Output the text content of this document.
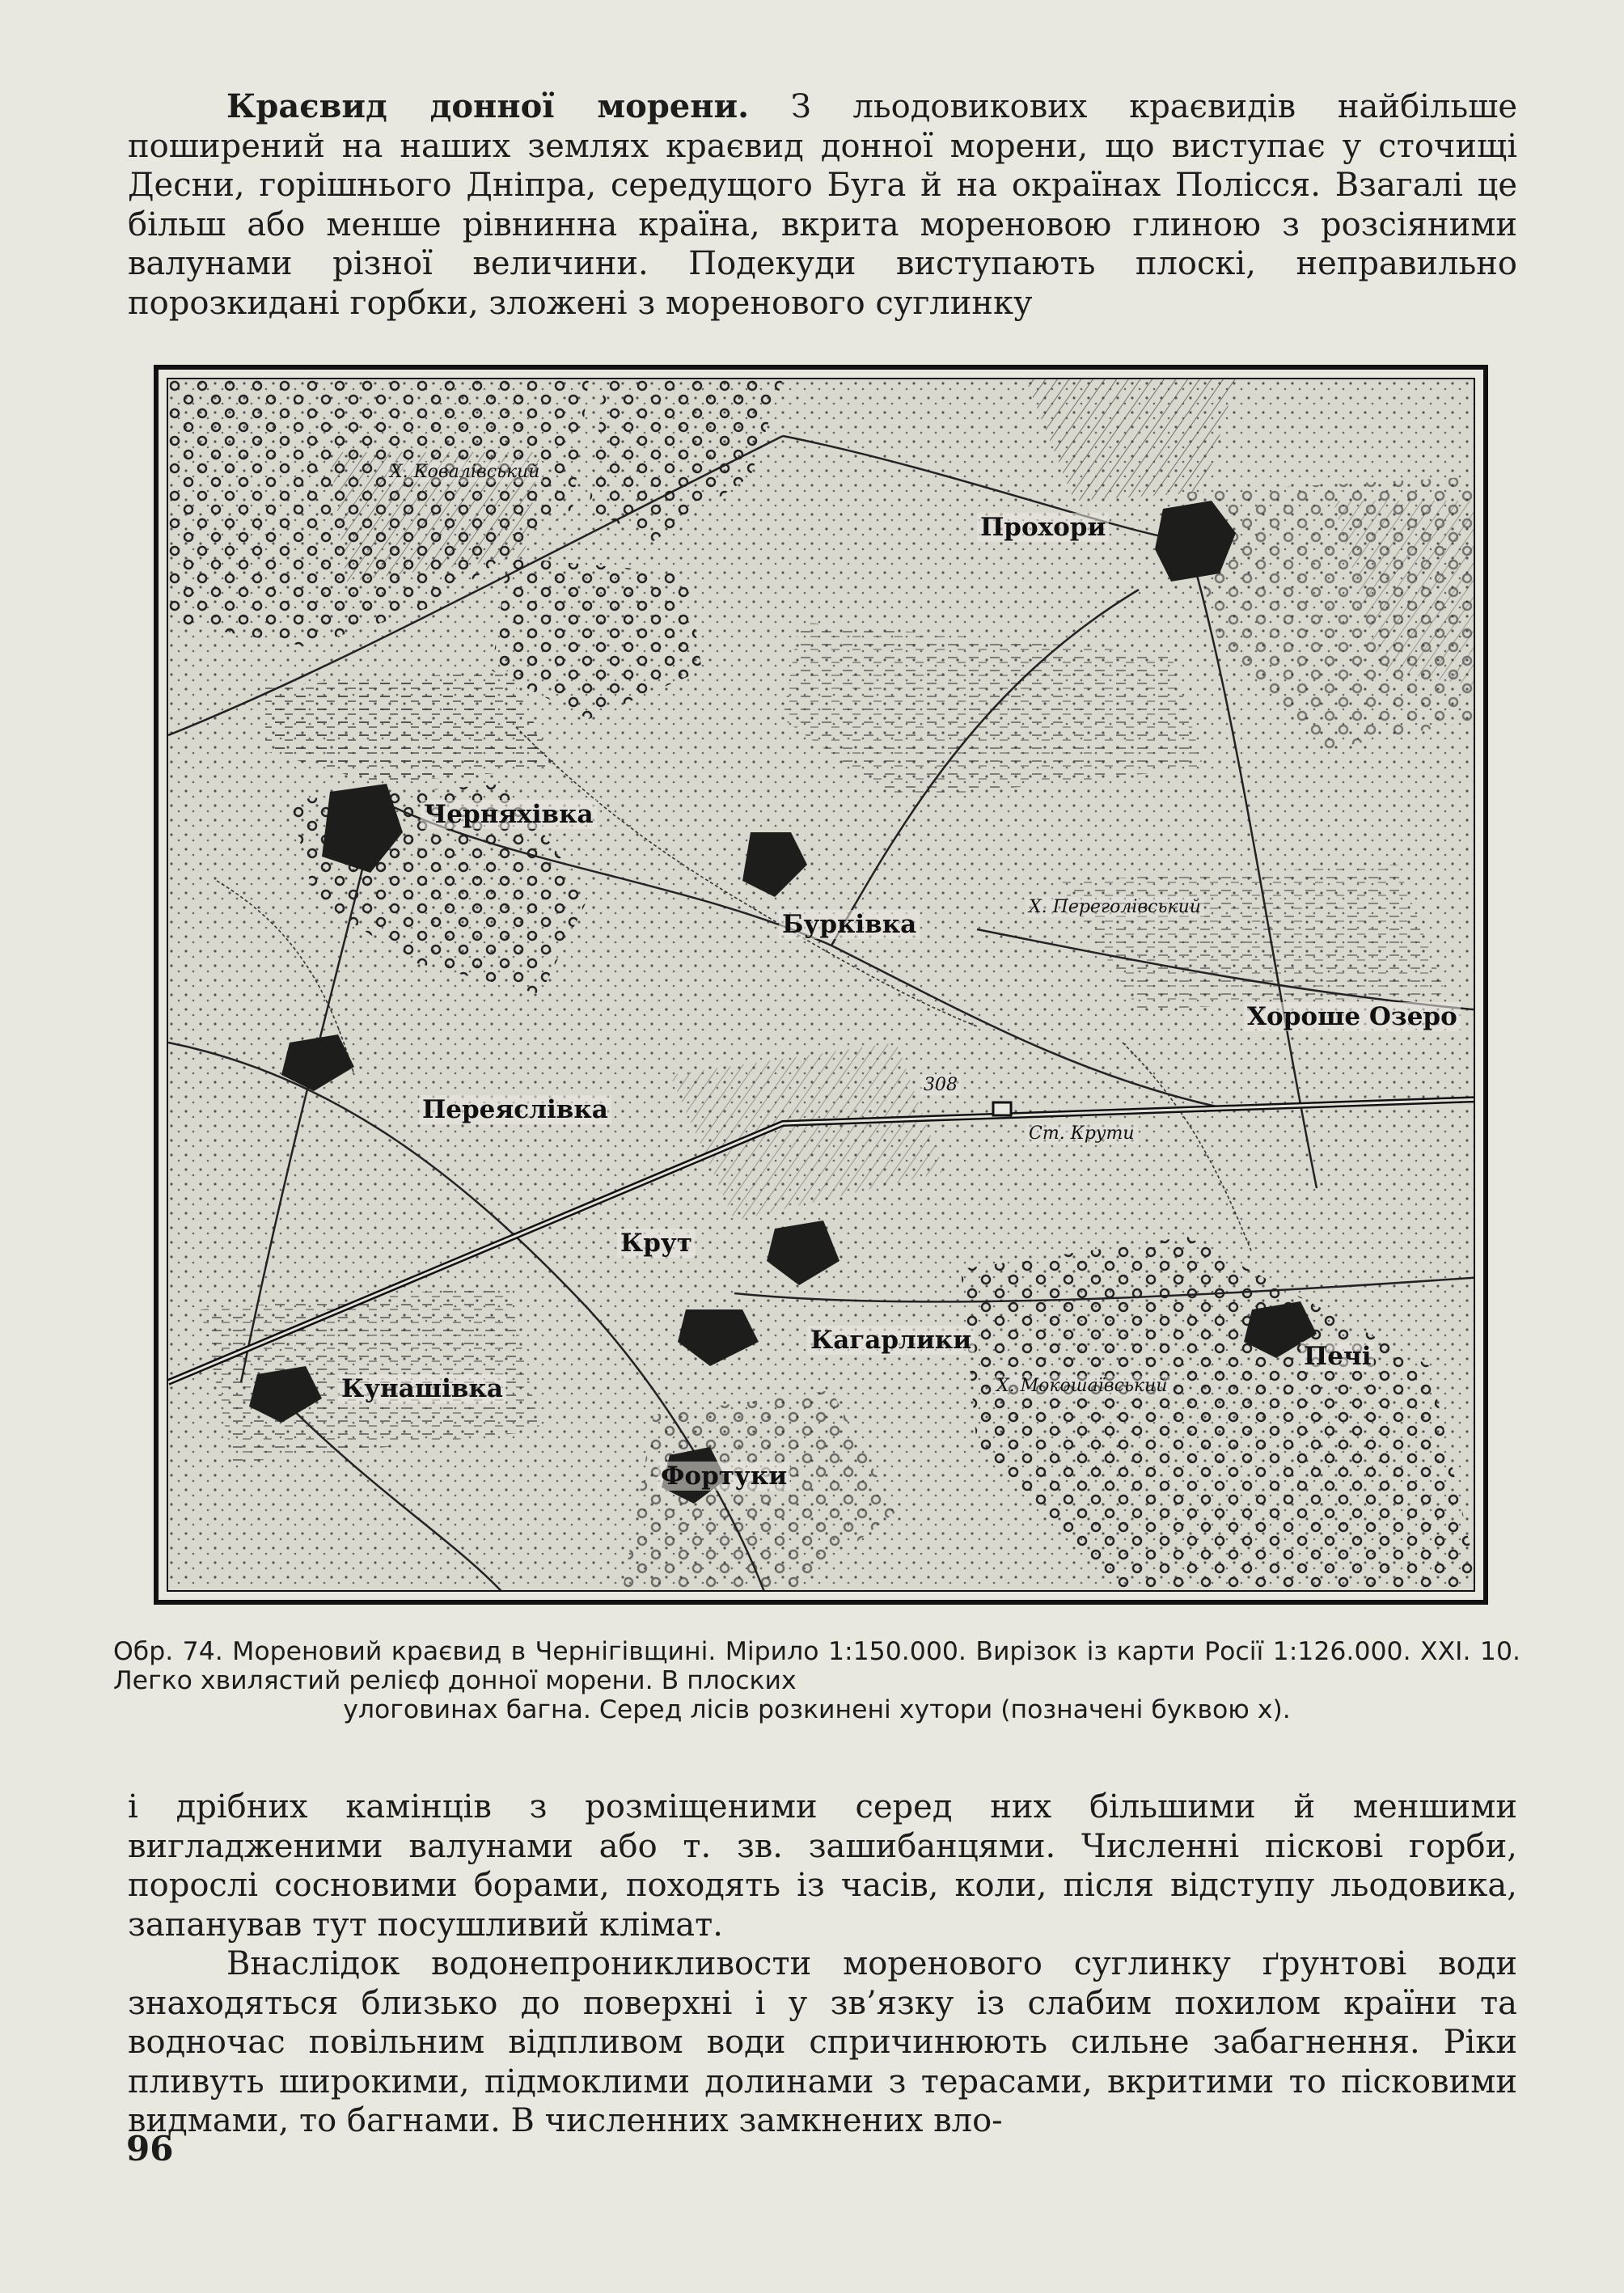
Краєвид донної морени. З льодовикових краєвидів найбільше поширений на наших землях краєвид донної морени, що виступає у сточищі Десни, горішнього Дніпра, середущого Буга й на окраїнах Полісся. Взагалі це більш або менше рівнинна країна, вкрита мореновою глиною з розсіяними валунами різної величини. Подекуди виступають плоскі, неправильно порозкидані горбки, зложені з моренового суглинку

Прохори
Черняхівка
Бурківка
Хороше Озеро
Переяслівка
Крут
Ст. Крути
Кагарлики
Кунашівка
Печі
Фортуки
Х. Переголівський
Х. Мокошаївський
Х. Ковалівський
308

Обр. 74. Моренoвий краєвид в Чернігівщині. Мірило 1:150.000. Вирізок із карти Росії 1:126.000. XXI. 10. Легко хвилястий релієф донної морени. В плоских
улоговинах багна. Серед лісів розкинені хутори (позначені буквою х).

і дрібних камінців з розміщеними серед них більшими й меншими вигладженими валунами або т. зв. зашибанцями. Численні піскові горби, порослі сосновими борами, походять із часів, коли, після відступу льодовика, запанував тут посушливий клімат.

Внаслідок водонепроникливости моренового суглинку ґрунтові води знаходяться близько до поверхні і у зв’язку із слабим похилом країни та водночас повільним відпливом води спричинюють сильне забагнення. Ріки пливуть широкими, підмоклими долинами з терасами, вкритими то пісковими видмами, то багнами. В численних замкнених вло-

96
